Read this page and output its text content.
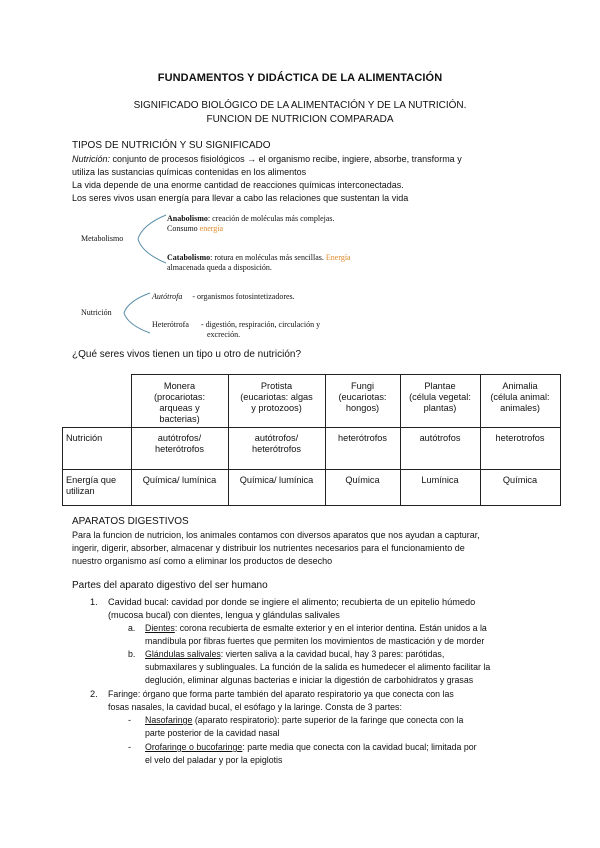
FUNDAMENTOS Y DIDÁCTICA DE LA ALIMENTACIÓN
SIGNIFICADO BIOLÓGICO DE LA ALIMENTACIÓN Y DE LA NUTRICIÓN.
FUNCION DE NUTRICION COMPARADA
TIPOS DE NUTRICIÓN Y SU SIGNIFICADO
Nutrición: conjunto de procesos fisiológicos → el organismo recibe, ingiere, absorbe, transforma y
utiliza las sustancias químicas contenidas en los alimentos
La vida depende de una enorme cantidad de reacciones químicas interconectadas.
Los seres vivos usan energía para llevar a cabo las relaciones que sustentan la vida
Metabolismo
Anabolismo: creación de moléculas más complejas.
Consumo energía
Catabolismo: rotura en moléculas más sencillas. Energía
almacenada queda a disposición.
Nutrición
Autótrofa - organismos fotosintetizadores.
Heterótrofa - digestión, respiración, circulación y
excreción.
¿Qué seres vivos tienen un tipo u otro de nutrición?
	Monera
(procariotas:
arqueas y
bacterias)	Protista
(eucariotas: algas
y protozoos)	Fungi
(eucariotas:
hongos)	Plantae
(célula vegetal:
plantas)	Animalia
(célula animal:
animales)
Nutrición	autótrofos/
heterótrofos	autótrofos/
heterótrofos	heterótrofos	autótrofos	heterotrofos
Energía que
utilizan	Química/ lumínica	Química/ lumínica	Química	Lumínica	Química
APARATOS DIGESTIVOS
Para la funcion de nutricion, los animales contamos con diversos aparatos que nos ayudan a capturar,
ingerir, digerir, absorber, almacenar y distribuir los nutrientes necesarios para el funcionamiento de
nuestro organismo así como a eliminar los productos de desecho
Partes del aparato digestivo del ser humano
1. Cavidad bucal: cavidad por donde se ingiere el alimento; recubierta de un epitelio húmedo
(mucosa bucal) con dientes, lengua y glándulas salivales
a. Dientes: corona recubierta de esmalte exterior y en el interior dentina. Están unidos a la
mandíbula por fibras fuertes que permiten los movimientos de masticación y de morder
b. Glándulas salivales: vierten saliva a la cavidad bucal, hay 3 pares: parótidas,
submaxilares y sublinguales. La función de la salida es humedecer el alimento facilitar la
deglución, eliminar algunas bacterias e iniciar la digestión de carbohidratos y grasas
2. Faringe: órgano que forma parte también del aparato respiratorio ya que conecta con las
fosas nasales, la cavidad bucal, el esófago y la laringe. Consta de 3 partes:
- Nasofaringe (aparato respiratorio): parte superior de la faringe que conecta con la
parte posterior de la cavidad nasal
- Orofaringe o bucofaringe: parte media que conecta con la cavidad bucal; limitada por
el velo del paladar y por la epiglotis
